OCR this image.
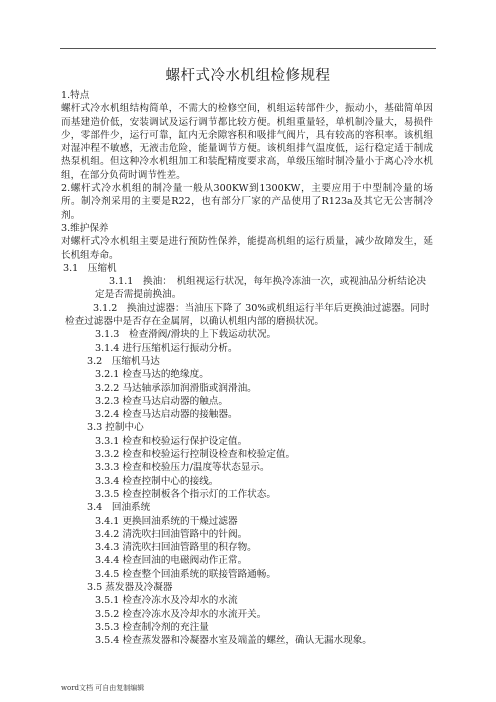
螺杆式冷水机组检修规程

1.特点

螺杆式冷水机组结构简单，不需大的检修空间，机组运转部件少，振动小，基础简单因而基建造价低，安装调试及运行调节都比较方便。机组重量轻，单机制冷量大，易损件少，零部件少，运行可靠，缸内无余隙容积和吸排气阀片，具有较高的容积率。该机组对湿冲程不敏感，无液击危险，能量调节方便。该机组排气温度低，运行稳定适于制成热泵机组。但这种冷水机组加工和装配精度要求高，单级压缩时制冷量小于离心冷水机组，在部分负荷时调节性差。

2.螺杆式冷水机组的制冷量一般从300KW到1300KW，主要应用于中型制冷量的场所。制冷剂采用的主要是R22，也有部分厂家的产品使用了R123a及其它无公害制冷剂。

3.维护保养

对螺杆式冷水机组主要是进行预防性保养，能提高机组的运行质量，减少故障发生，延长机组寿命。

3.1　压缩机

3.1.1　换油：　机组视运行状况，每年换冷冻油一次，或视油品分析结论决定是否需提前换油。

3.1.2　换油过滤器：当油压下降了 30%或机组运行半年后更换油过滤器。同时检查过滤器中是否存在金属屑，以确认机组内部的磨损状况。

3.1.3　检查滑阀/滑块的上下载运动状况。

3.1.4 进行压缩机运行振动分析。

3.2　压缩机马达

3.2.1 检查马达的绝缘度。

3.2.2 马达轴承添加润滑脂或润滑油。

3.2.3 检查马达启动器的触点。

3.2.4 检查马达启动器的接触器。

3.3 控制中心

3.3.1 检查和校验运行保护设定值。

3.3.2 检查和校验运行控制设检查和校验定值。

3.3.3 检查和校验压力/温度等状态显示。

3.3.4 检查控制中心的接线。

3.3.5 检查控制板各个指示灯的工作状态。

3.4　回油系统

3.4.1 更换回油系统的干燥过滤器

3.4.2 清洗吹扫回油管路中的针阀。

3.4.3 清洗吹扫回油管路里的积存物。

3.4.4 检查回油的电磁阀动作正常。

3.4.5 检查整个回油系统的联接管路通畅。

3.5 蒸发器及冷凝器

3.5.1 检查冷冻水及冷却水的水流

3.5.2 检查冷冻水及冷却水的水流开关。

3.5.3 检查制冷剂的充注量

3.5.4 检查蒸发器和冷凝器水室及端盖的螺丝，确认无漏水现象。

word文档 可自由复制编辑
